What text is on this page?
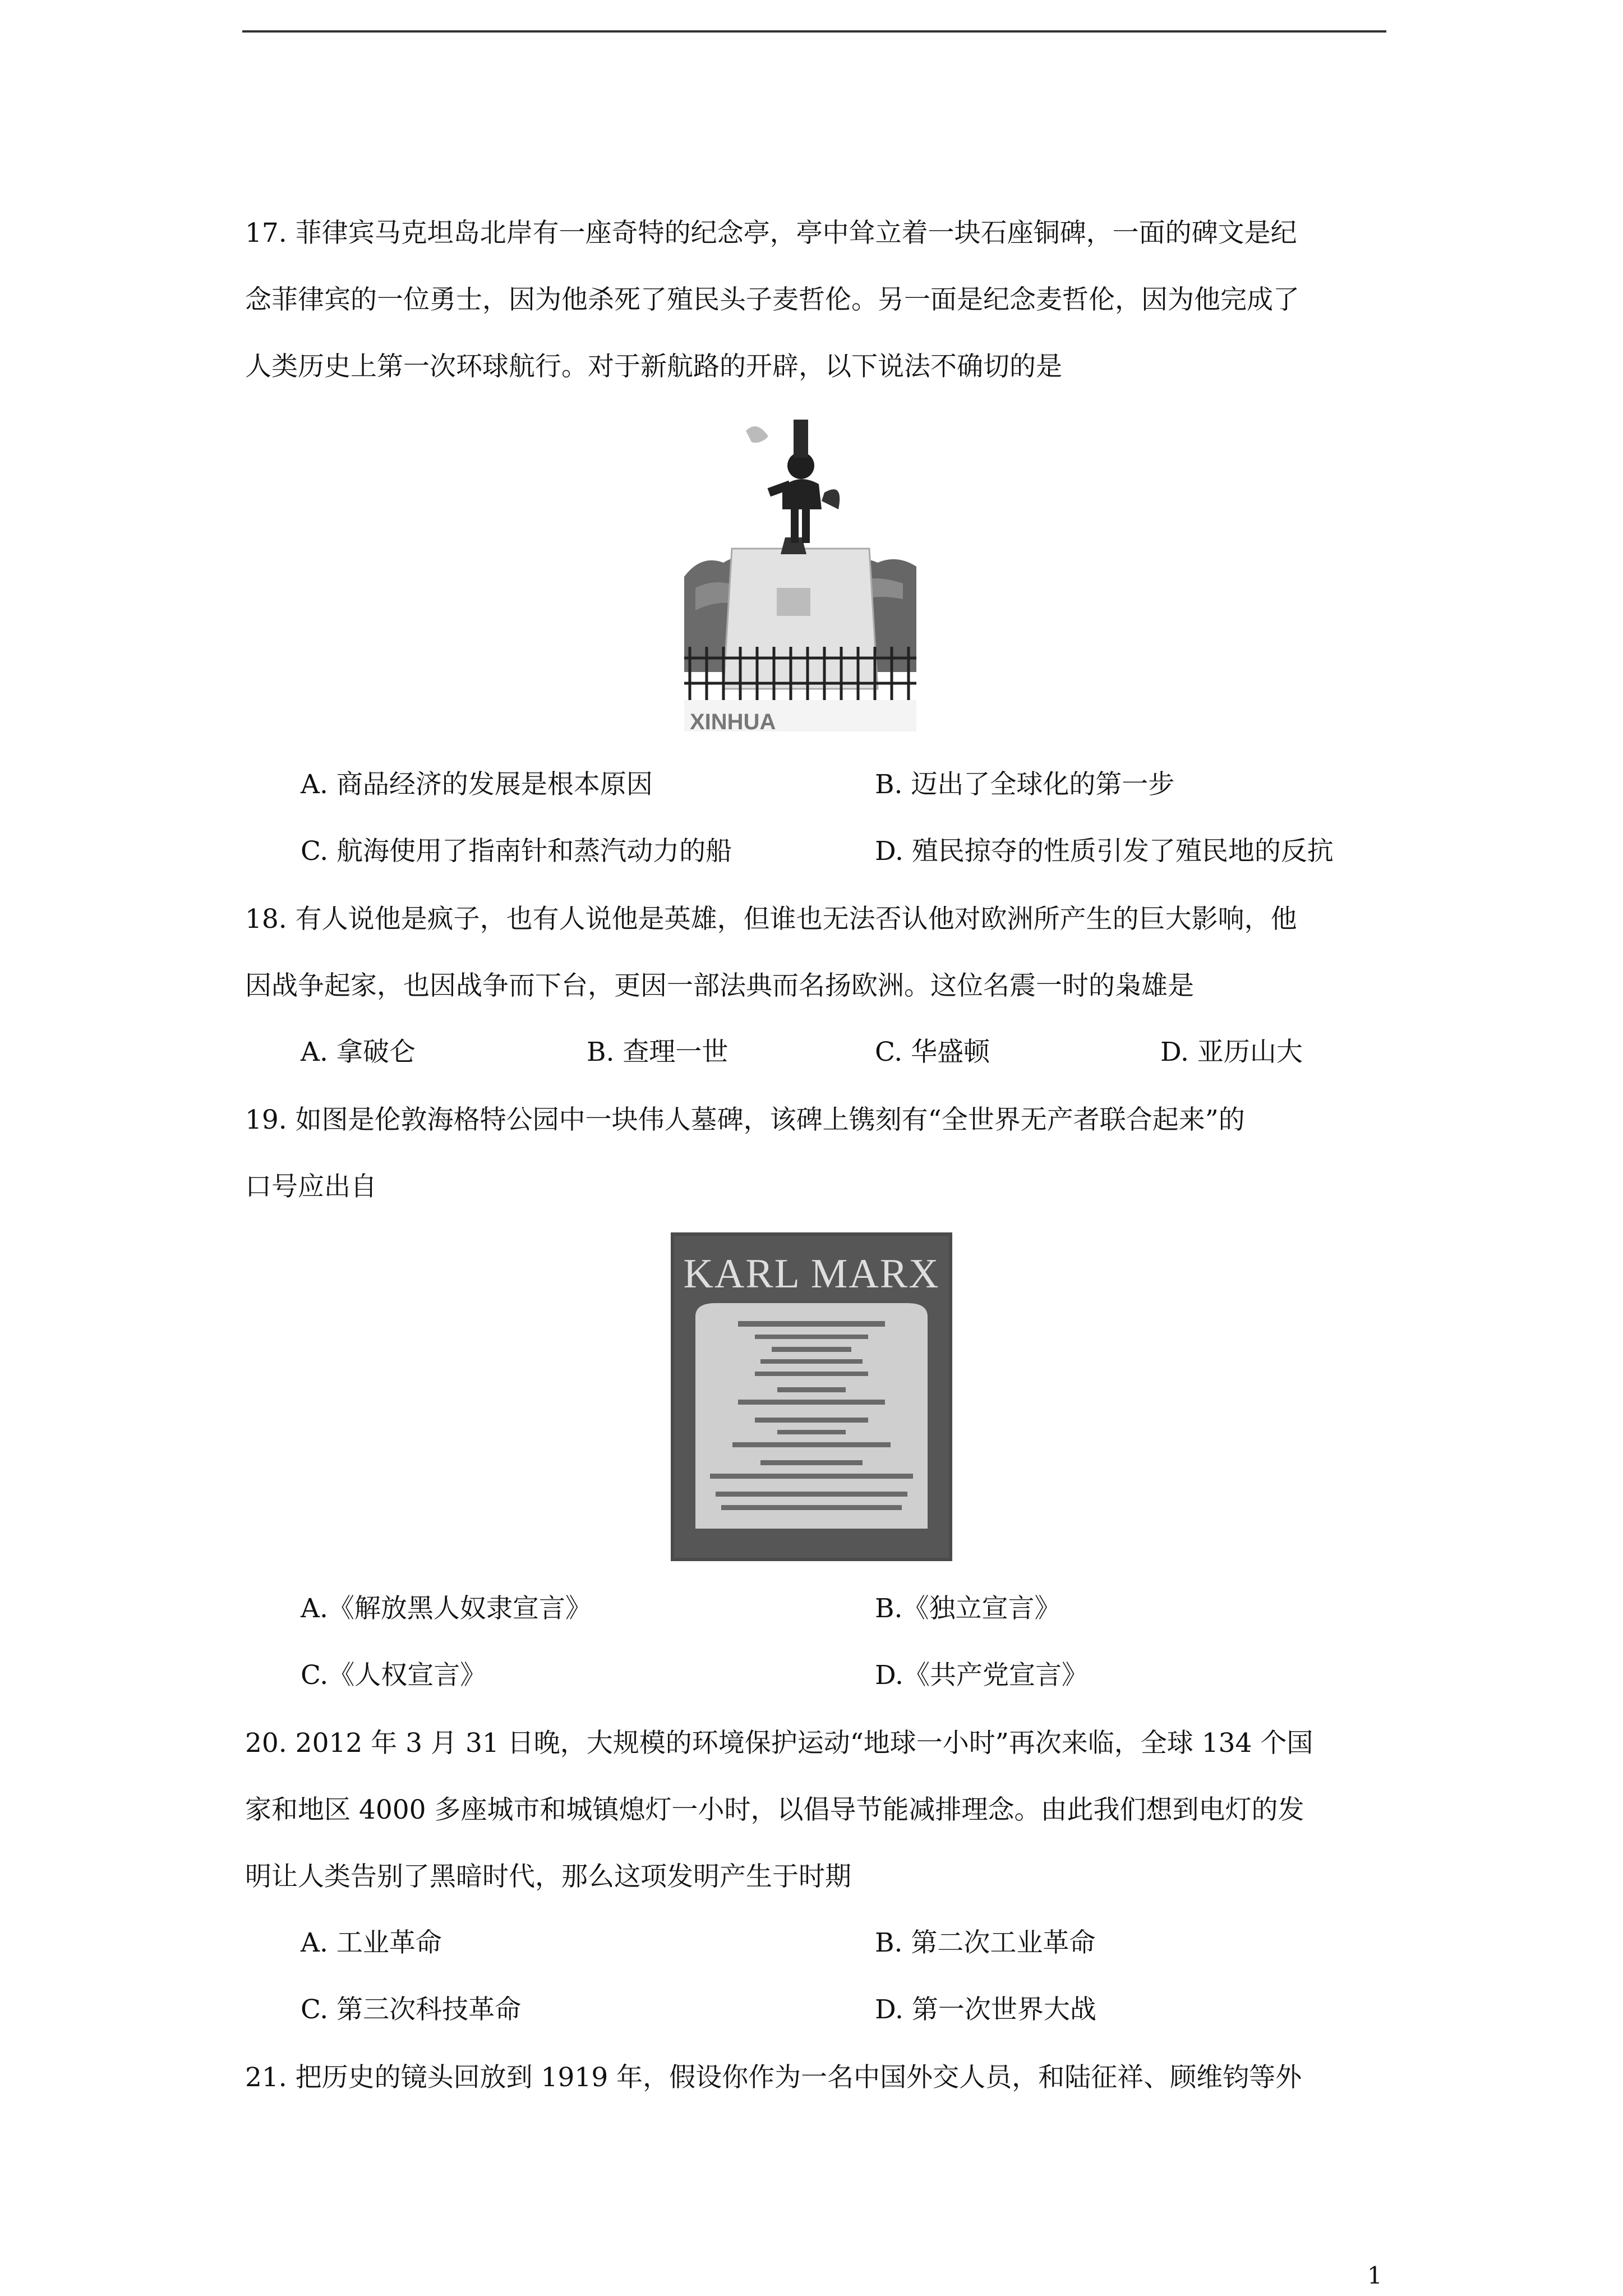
17. 菲律宾马克坦岛北岸有一座奇特的纪念亭，亭中耸立着一块石座铜碑，一面的碑文是纪
念菲律宾的一位勇士，因为他杀死了殖民头子麦哲伦。另一面是纪念麦哲伦，因为他完成了
人类历史上第一次环球航行。对于新航路的开辟，以下说法不确切的是
XINHUA
A. 商品经济的发展是根本原因	B. 迈出了全球化的第一步
C. 航海使用了指南针和蒸汽动力的船	D. 殖民掠夺的性质引发了殖民地的反抗
18. 有人说他是疯子，也有人说他是英雄，但谁也无法否认他对欧洲所产生的巨大影响，他
因战争起家，也因战争而下台，更因一部法典而名扬欧洲。这位名震一时的枭雄是
A. 拿破仑	B. 查理一世	C. 华盛顿	D. 亚历山大
19. 如图是伦敦海格特公园中一块伟人墓碑，该碑上镌刻有“全世界无产者联合起来”的
口号应出自
KARL MARX
A.《解放黑人奴隶宣言》	B.《独立宣言》
C.《人权宣言》	D.《共产党宣言》
20. 2012 年 3 月 31 日晚，大规模的环境保护运动“地球一小时”再次来临，全球 134 个国
家和地区 4000 多座城市和城镇熄灯一小时，以倡导节能减排理念。由此我们想到电灯的发
明让人类告别了黑暗时代，那么这项发明产生于时期
A. 工业革命	B. 第二次工业革命
C. 第三次科技革命	D. 第一次世界大战
21. 把历史的镜头回放到 1919 年，假设你作为一名中国外交人员，和陆征祥、顾维钧等外
1
